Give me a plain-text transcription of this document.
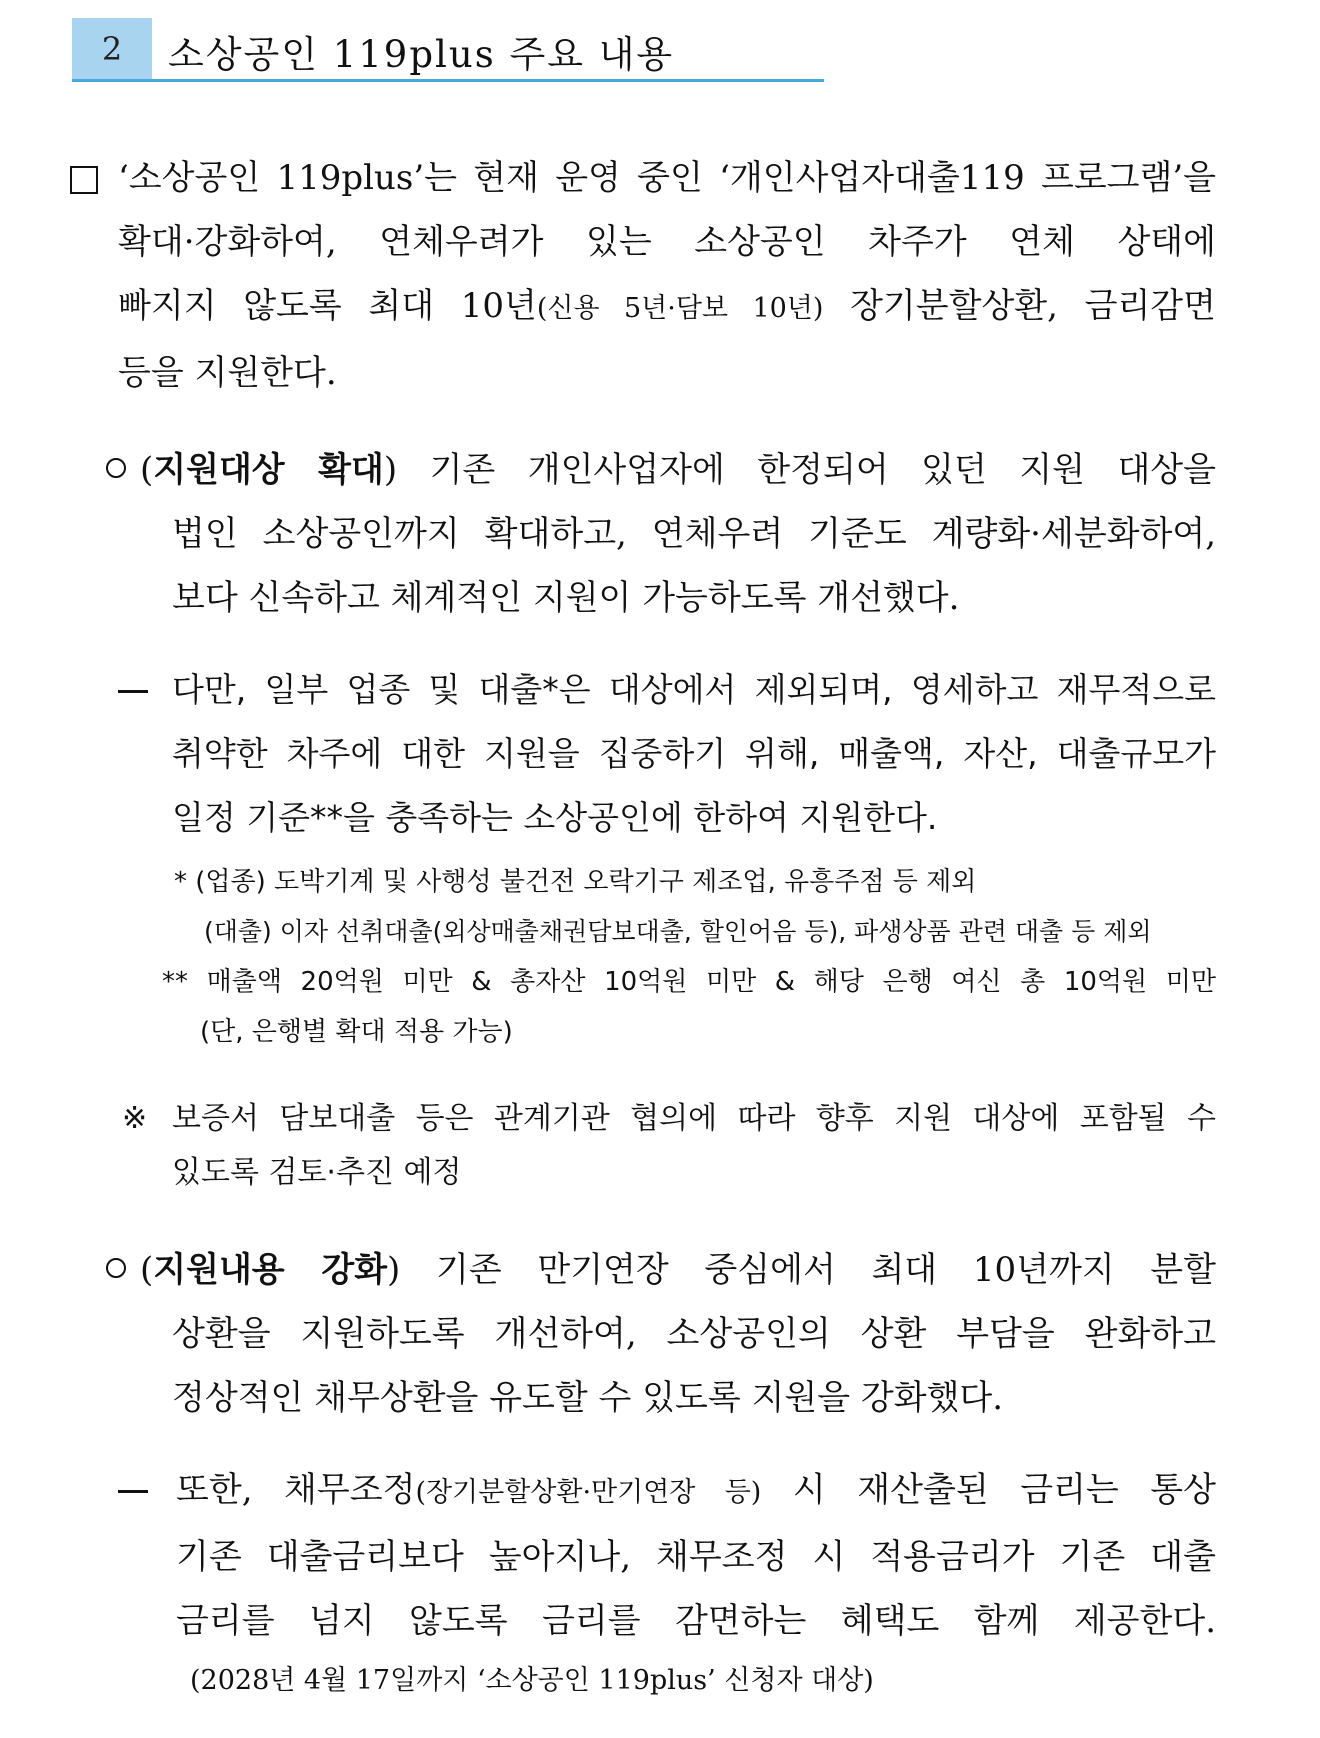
2	소상공인 119plus 주요 내용
‘소상공인 119plus’는 현재 운영 중인 ‘개인사업자대출119 프로그램’을
확대·강화하여, 연체우려가 있는 소상공인 차주가 연체 상태에
빠지지 않도록 최대 10년(신용 5년·담보 10년) 장기분할상환, 금리감면
등을 지원한다.
(지원대상 확대) 기존 개인사업자에 한정되어 있던 지원 대상을
법인 소상공인까지 확대하고, 연체우려 기준도 계량화·세분화하여,
보다 신속하고 체계적인 지원이 가능하도록 개선했다.
다만, 일부 업종 및 대출*은 대상에서 제외되며, 영세하고 재무적으로
취약한 차주에 대한 지원을 집중하기 위해, 매출액, 자산, 대출규모가
일정 기준**을 충족하는 소상공인에 한하여 지원한다.
* (업종) 도박기계 및 사행성 불건전 오락기구 제조업, 유흥주점 등 제외
(대출) 이자 선취대출(외상매출채권담보대출, 할인어음 등), 파생상품 관련 대출 등 제외
** 매출액 20억원 미만 & 총자산 10억원 미만 & 해당 은행 여신 총 10억원 미만
(단, 은행별 확대 적용 가능)
※ 보증서 담보대출 등은 관계기관 협의에 따라 향후 지원 대상에 포함될 수
있도록 검토·추진 예정
(지원내용 강화) 기존 만기연장 중심에서 최대 10년까지 분할
상환을 지원하도록 개선하여, 소상공인의 상환 부담을 완화하고
정상적인 채무상환을 유도할 수 있도록 지원을 강화했다.
또한, 채무조정(장기분할상환·만기연장 등) 시 재산출된 금리는 통상
기존 대출금리보다 높아지나, 채무조정 시 적용금리가 기존 대출
금리를 넘지 않도록 금리를 감면하는 혜택도 함께 제공한다.
(2028년 4월 17일까지 ‘소상공인 119plus’ 신청자 대상)
